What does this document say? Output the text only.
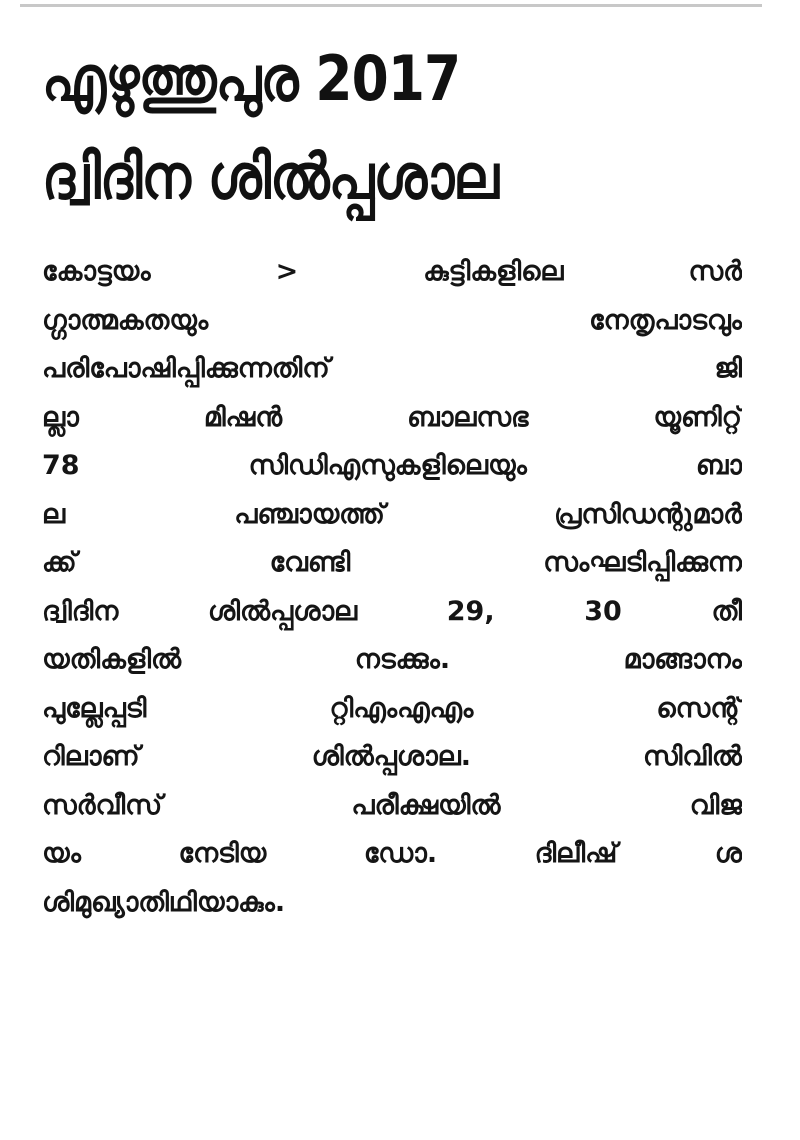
എഴുത്തുപുര 2017
ദ്വിദിന ശിൽപ്പശാല
കോട്ടയം	>	കുട്ടികളിലെ	സർ
ഗ്ഗാത്മകതയും	നേതൃപാടവും
പരിപോഷിപ്പിക്കുന്നതിന്	ജി
ല്ലാ	മിഷൻ	ബാലസഭ	യൂണിറ്റ്
78	സിഡിഎസുകളിലെയും	ബാ
ല	പഞ്ചായത്ത്	പ്രസിഡന്റുമാർ
ക്ക്	വേണ്ടി	സംഘടിപ്പിക്കുന്ന
ദ്വിദിന	ശിൽപ്പശാല	29,	30	തീ
യതികളിൽ	നടക്കും.	മാങ്ങാനം
പുല്ലേപ്പടി	റ്റിഎംഎഎം	സെന്റ്
റിലാണ്	ശിൽപ്പശാല.	സിവിൽ
സർവീസ്	പരീക്ഷയിൽ	വിജ
യം	നേടിയ	ഡോ.	ദിലീഷ്	ശ
ശി മുഖ്യാതിഥിയാകും.
